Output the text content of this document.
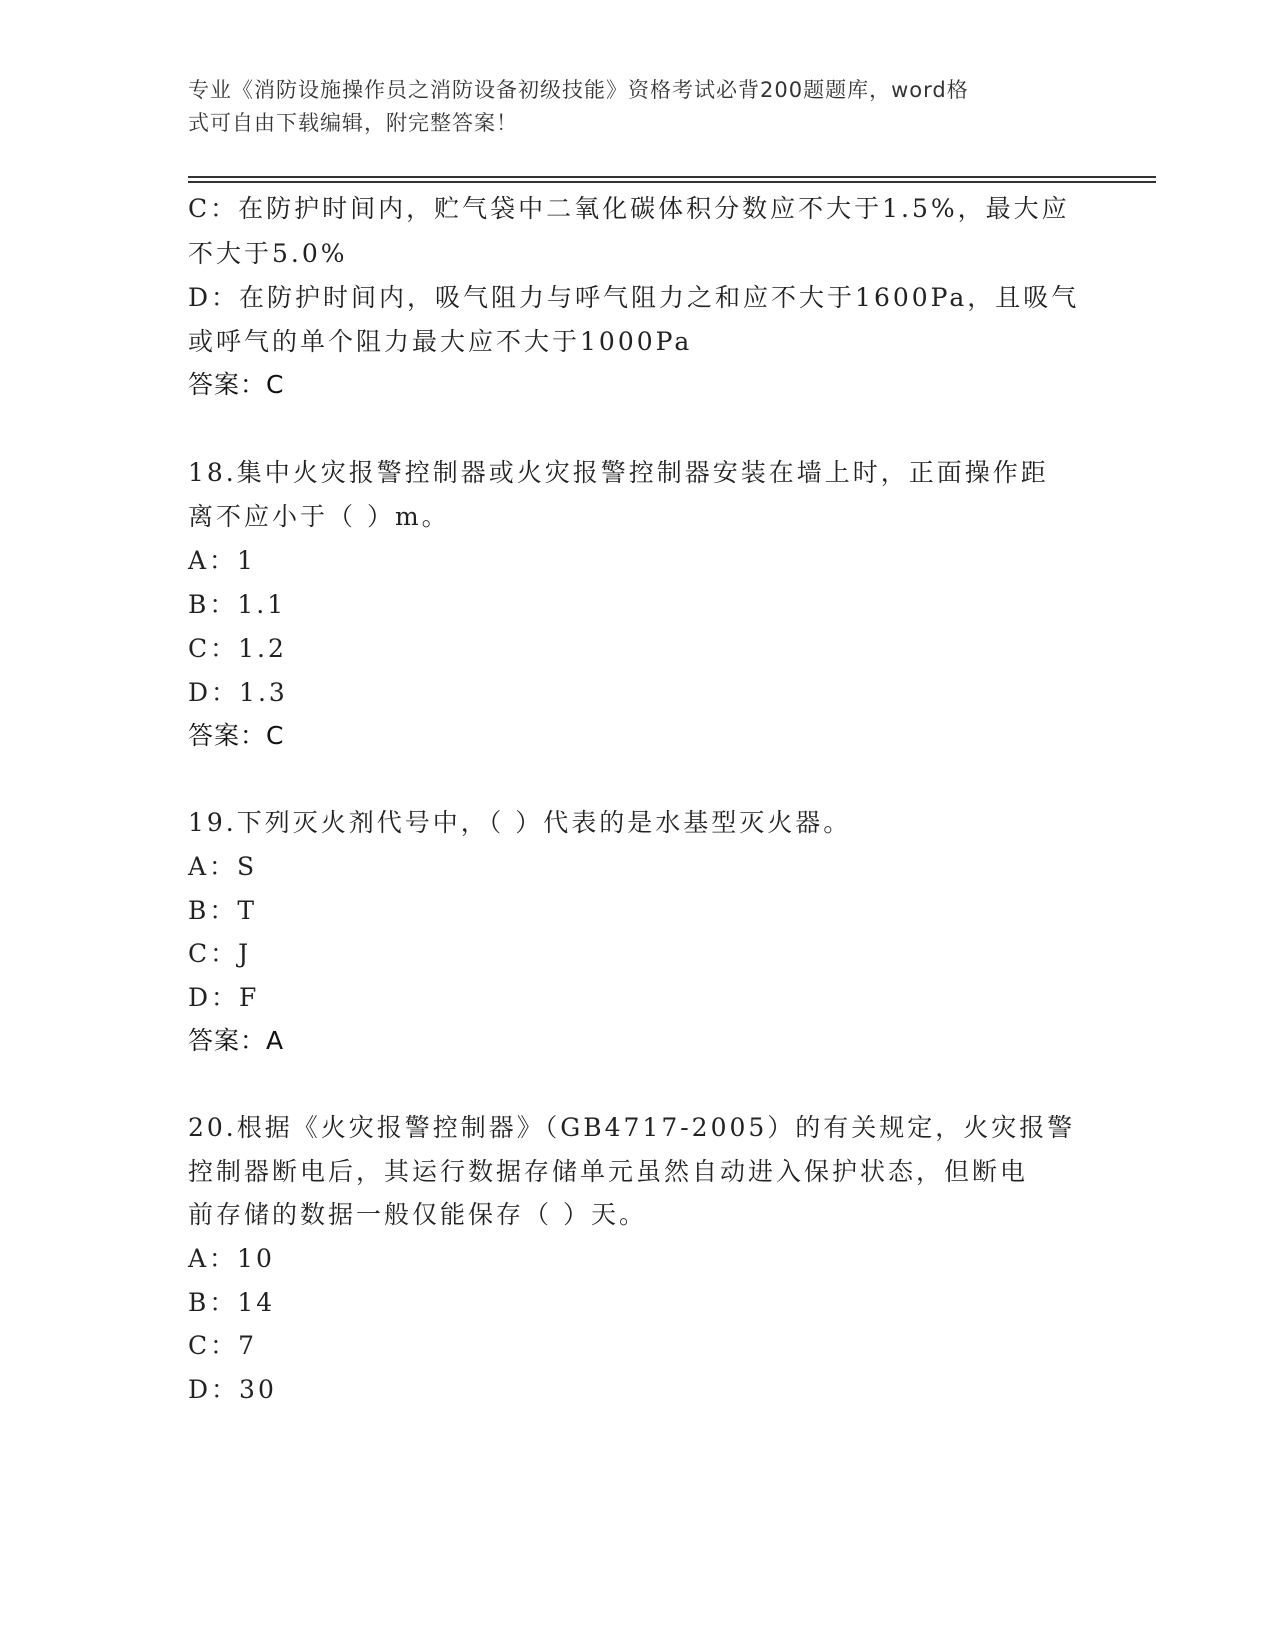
专业《消防设施操作员之消防设备初级技能》资格考试必背200题题库，word格
式可自由下载编辑，附完整答案！
C：在防护时间内，贮气袋中二氧化碳体积分数应不大于1.5%，最大应
不大于5.0%
D：在防护时间内，吸气阻力与呼气阻力之和应不大于1600Pa，且吸气
或呼气的单个阻力最大应不大于1000Pa
答案：C
18.集中火灾报警控制器或火灾报警控制器安装在墙上时，正面操作距
离不应小于（ ）m。
A：1
B：1.1
C：1.2
D：1.3
答案：C
19.下列灭火剂代号中，（ ）代表的是水基型灭火器。
A：S
B：T
C：J
D：F
答案：A
20.根据《火灾报警控制器》（GB4717-2005）的有关规定，火灾报警
控制器断电后，其运行数据存储单元虽然自动进入保护状态，但断电
前存储的数据一般仅能保存（ ）天。
A：10
B：14
C：7
D：30
